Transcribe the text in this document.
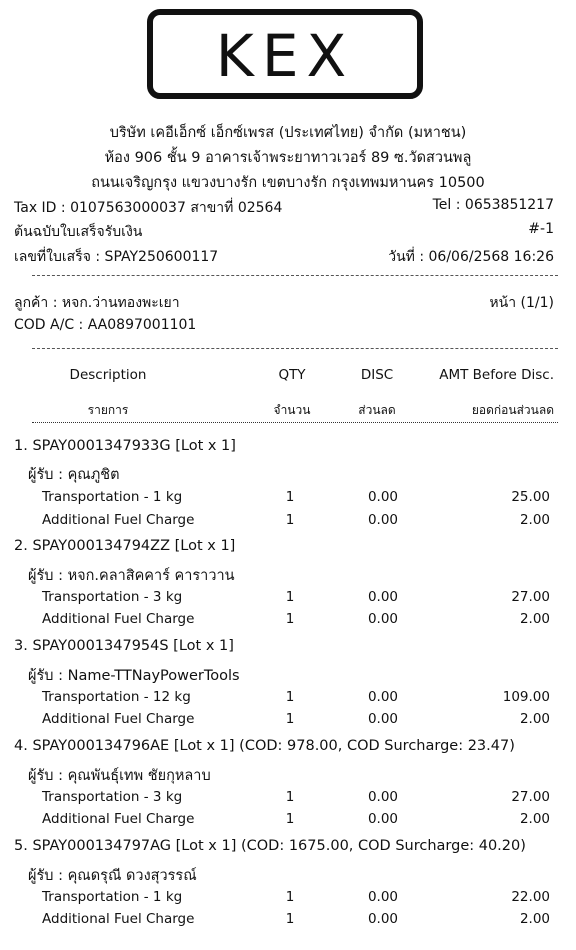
KEX
บริษัท เคอีเอ็กซ์ เอ็กซ์เพรส (ประเทศไทย) จำกัด (มหาชน)
ห้อง 906 ชั้น 9 อาคารเจ้าพระยาทาวเวอร์ 89 ซ.วัดสวนพลู
ถนนเจริญกรุง แขวงบางรัก เขตบางรัก กรุงเทพมหานคร 10500
Tax ID : 0107563000037 สาขาที่ 02564	Tel : 0653851217
ต้นฉบับใบเสร็จรับเงิน	#-1
เลขที่ใบเสร็จ : SPAY250600117	วันที่ : 06/06/2568 16:26
ลูกค้า : หจก.ว่านทองพะเยา	หน้า (1/1)
COD A/C : AA0897001101
Description	QTY	DISC	AMT Before Disc.
รายการ	จำนวน	ส่วนลด	ยอดก่อนส่วนลด
1. SPAY0001347933G [Lot x 1]
ผู้รับ : คุณภูชิต
Transportation - 1 kg	1	0.00	25.00
Additional Fuel Charge	1	0.00	2.00
2. SPAY000134794ZZ [Lot x 1]
ผู้รับ : หจก.คลาสิคคาร์ คาราวาน
Transportation - 3 kg	1	0.00	27.00
Additional Fuel Charge	1	0.00	2.00
3. SPAY0001347954S [Lot x 1]
ผู้รับ : Name-TTNayPowerTools
Transportation - 12 kg	1	0.00	109.00
Additional Fuel Charge	1	0.00	2.00
4. SPAY000134796AE [Lot x 1] (COD: 978.00, COD Surcharge: 23.47)
ผู้รับ : คุณพันธุ์เทพ ชัยกุหลาบ
Transportation - 3 kg	1	0.00	27.00
Additional Fuel Charge	1	0.00	2.00
5. SPAY000134797AG [Lot x 1] (COD: 1675.00, COD Surcharge: 40.20)
ผู้รับ : คุณดรุณี ดวงสุวรรณ์
Transportation - 1 kg	1	0.00	22.00
Additional Fuel Charge	1	0.00	2.00
